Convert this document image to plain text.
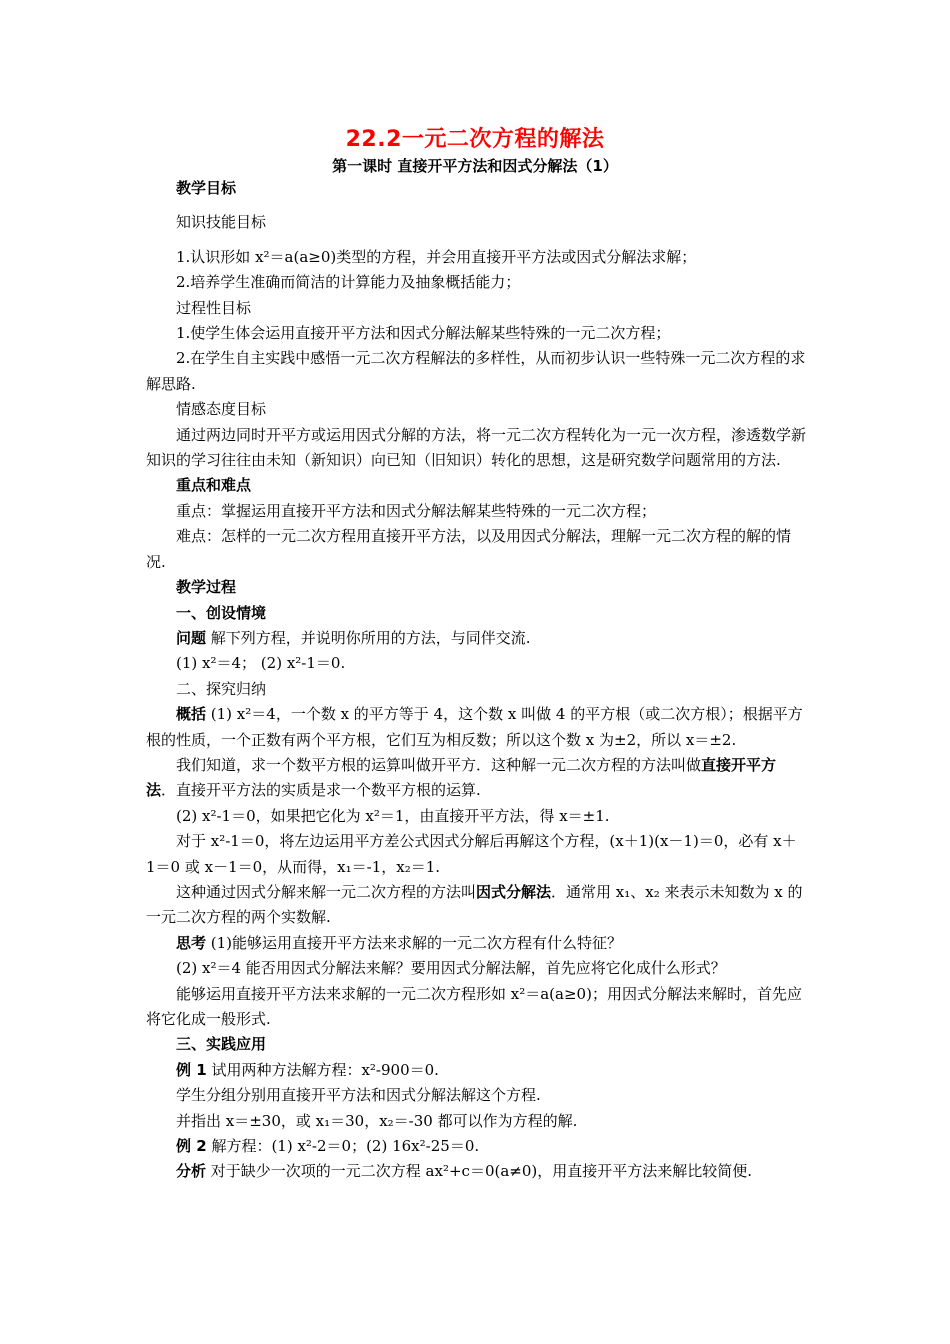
22.2一元二次方程的解法
第一课时 直接开平方法和因式分解法（1）

教学目标

知识技能目标

1.认识形如 x²＝a(a≥0)类型的方程，并会用直接开平方法或因式分解法求解；

2.培养学生准确而简洁的计算能力及抽象概括能力；

过程性目标

1.使学生体会运用直接开平方法和因式分解法解某些特殊的一元二次方程；

2.在学生自主实践中感悟一元二次方程解法的多样性，从而初步认识一些特殊一元二次方程的求解思路.

情感态度目标

通过两边同时开平方或运用因式分解的方法，将一元二次方程转化为一元一次方程，渗透数学新知识的学习往往由未知（新知识）向已知（旧知识）转化的思想，这是研究数学问题常用的方法.

重点和难点

重点：掌握运用直接开平方法和因式分解法解某些特殊的一元二次方程；

难点：怎样的一元二次方程用直接开平方法，以及用因式分解法，理解一元二次方程的解的情况.

教学过程

一、创设情境

问题 解下列方程，并说明你所用的方法，与同伴交流.

(1) x²＝4； (2) x²-1＝0.

二、探究归纳

概括 (1) x²＝4，一个数 x 的平方等于 4，这个数 x 叫做 4 的平方根（或二次方根）；根据平方根的性质，一个正数有两个平方根，它们互为相反数；所以这个数 x 为±2，所以 x＝±2.

我们知道，求一个数平方根的运算叫做开平方．这种解一元二次方程的方法叫做直接开平方法．直接开平方法的实质是求一个数平方根的运算.

(2) x²-1＝0，如果把它化为 x²＝1，由直接开平方法，得 x＝±1.

对于 x²-1＝0，将左边运用平方差公式因式分解后再解这个方程，(x＋1)(x－1)＝0，必有 x＋1＝0 或 x－1＝0，从而得，x₁＝-1，x₂＝1.

这种通过因式分解来解一元二次方程的方法叫因式分解法．通常用 x₁、x₂ 来表示未知数为 x 的一元二次方程的两个实数解.

思考 (1)能够运用直接开平方法来求解的一元二次方程有什么特征？

(2) x²＝4 能否用因式分解法来解？要用因式分解法解，首先应将它化成什么形式？

能够运用直接开平方法来求解的一元二次方程形如 x²＝a(a≥0)；用因式分解法来解时，首先应将它化成一般形式.

三、实践应用

例 1 试用两种方法解方程：x²-900＝0.

学生分组分别用直接开平方法和因式分解法解这个方程.

并指出 x＝±30，或 x₁＝30，x₂＝-30 都可以作为方程的解.

例 2 解方程：(1) x²-2＝0；(2) 16x²-25＝0.

分析 对于缺少一次项的一元二次方程 ax²+c＝0(a≠0)，用直接开平方法来解比较简便.
